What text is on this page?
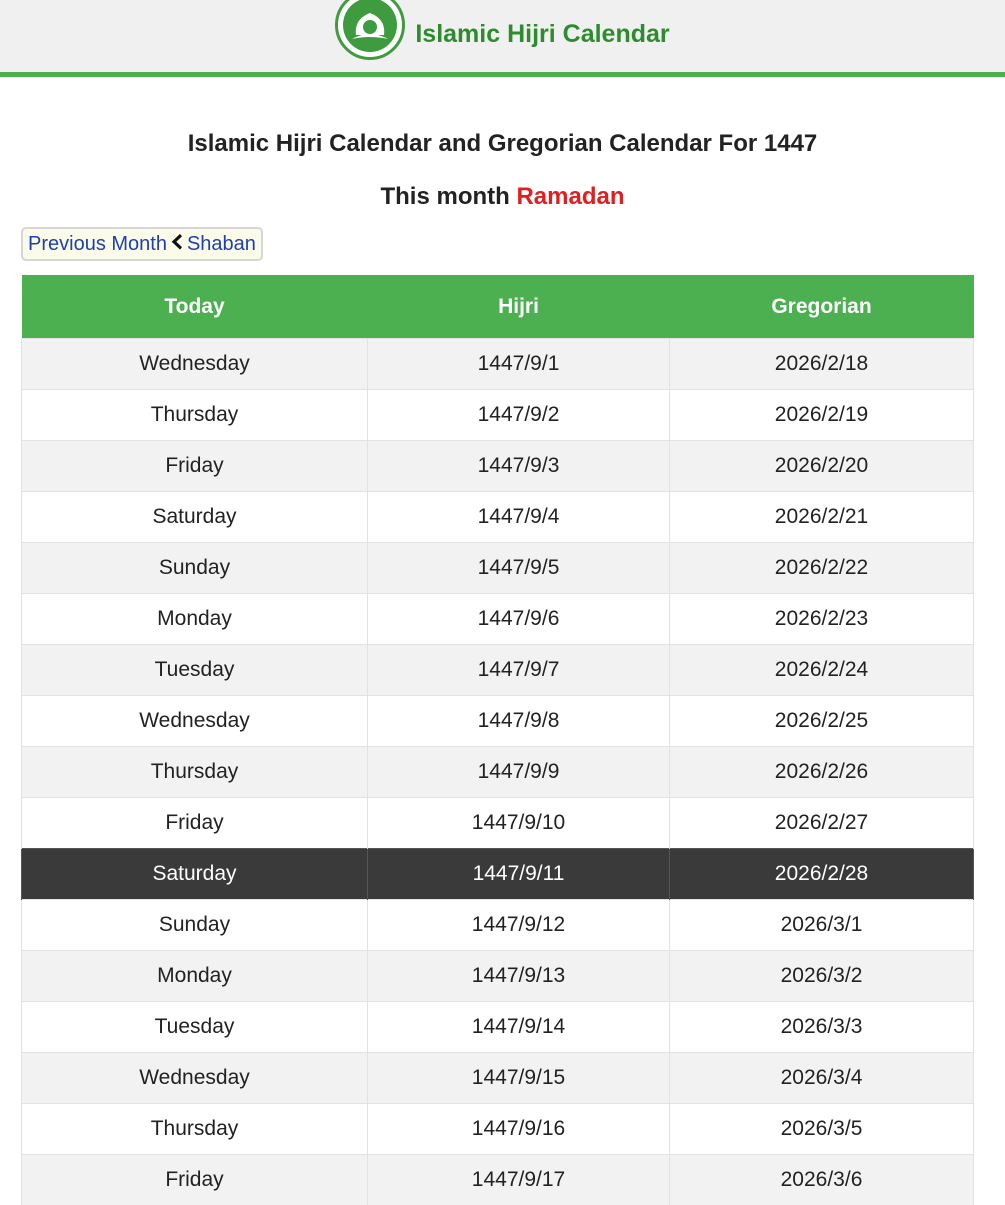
Islamic Hijri Calendar
Islamic Hijri Calendar and Gregorian Calendar For 1447
This month Ramadan
Previous Month Shaban
Today	Hijri	Gregorian
Wednesday	1447/9/1	2026/2/18
Thursday	1447/9/2	2026/2/19
Friday	1447/9/3	2026/2/20
Saturday	1447/9/4	2026/2/21
Sunday	1447/9/5	2026/2/22
Monday	1447/9/6	2026/2/23
Tuesday	1447/9/7	2026/2/24
Wednesday	1447/9/8	2026/2/25
Thursday	1447/9/9	2026/2/26
Friday	1447/9/10	2026/2/27
Saturday	1447/9/11	2026/2/28
Sunday	1447/9/12	2026/3/1
Monday	1447/9/13	2026/3/2
Tuesday	1447/9/14	2026/3/3
Wednesday	1447/9/15	2026/3/4
Thursday	1447/9/16	2026/3/5
Friday	1447/9/17	2026/3/6
